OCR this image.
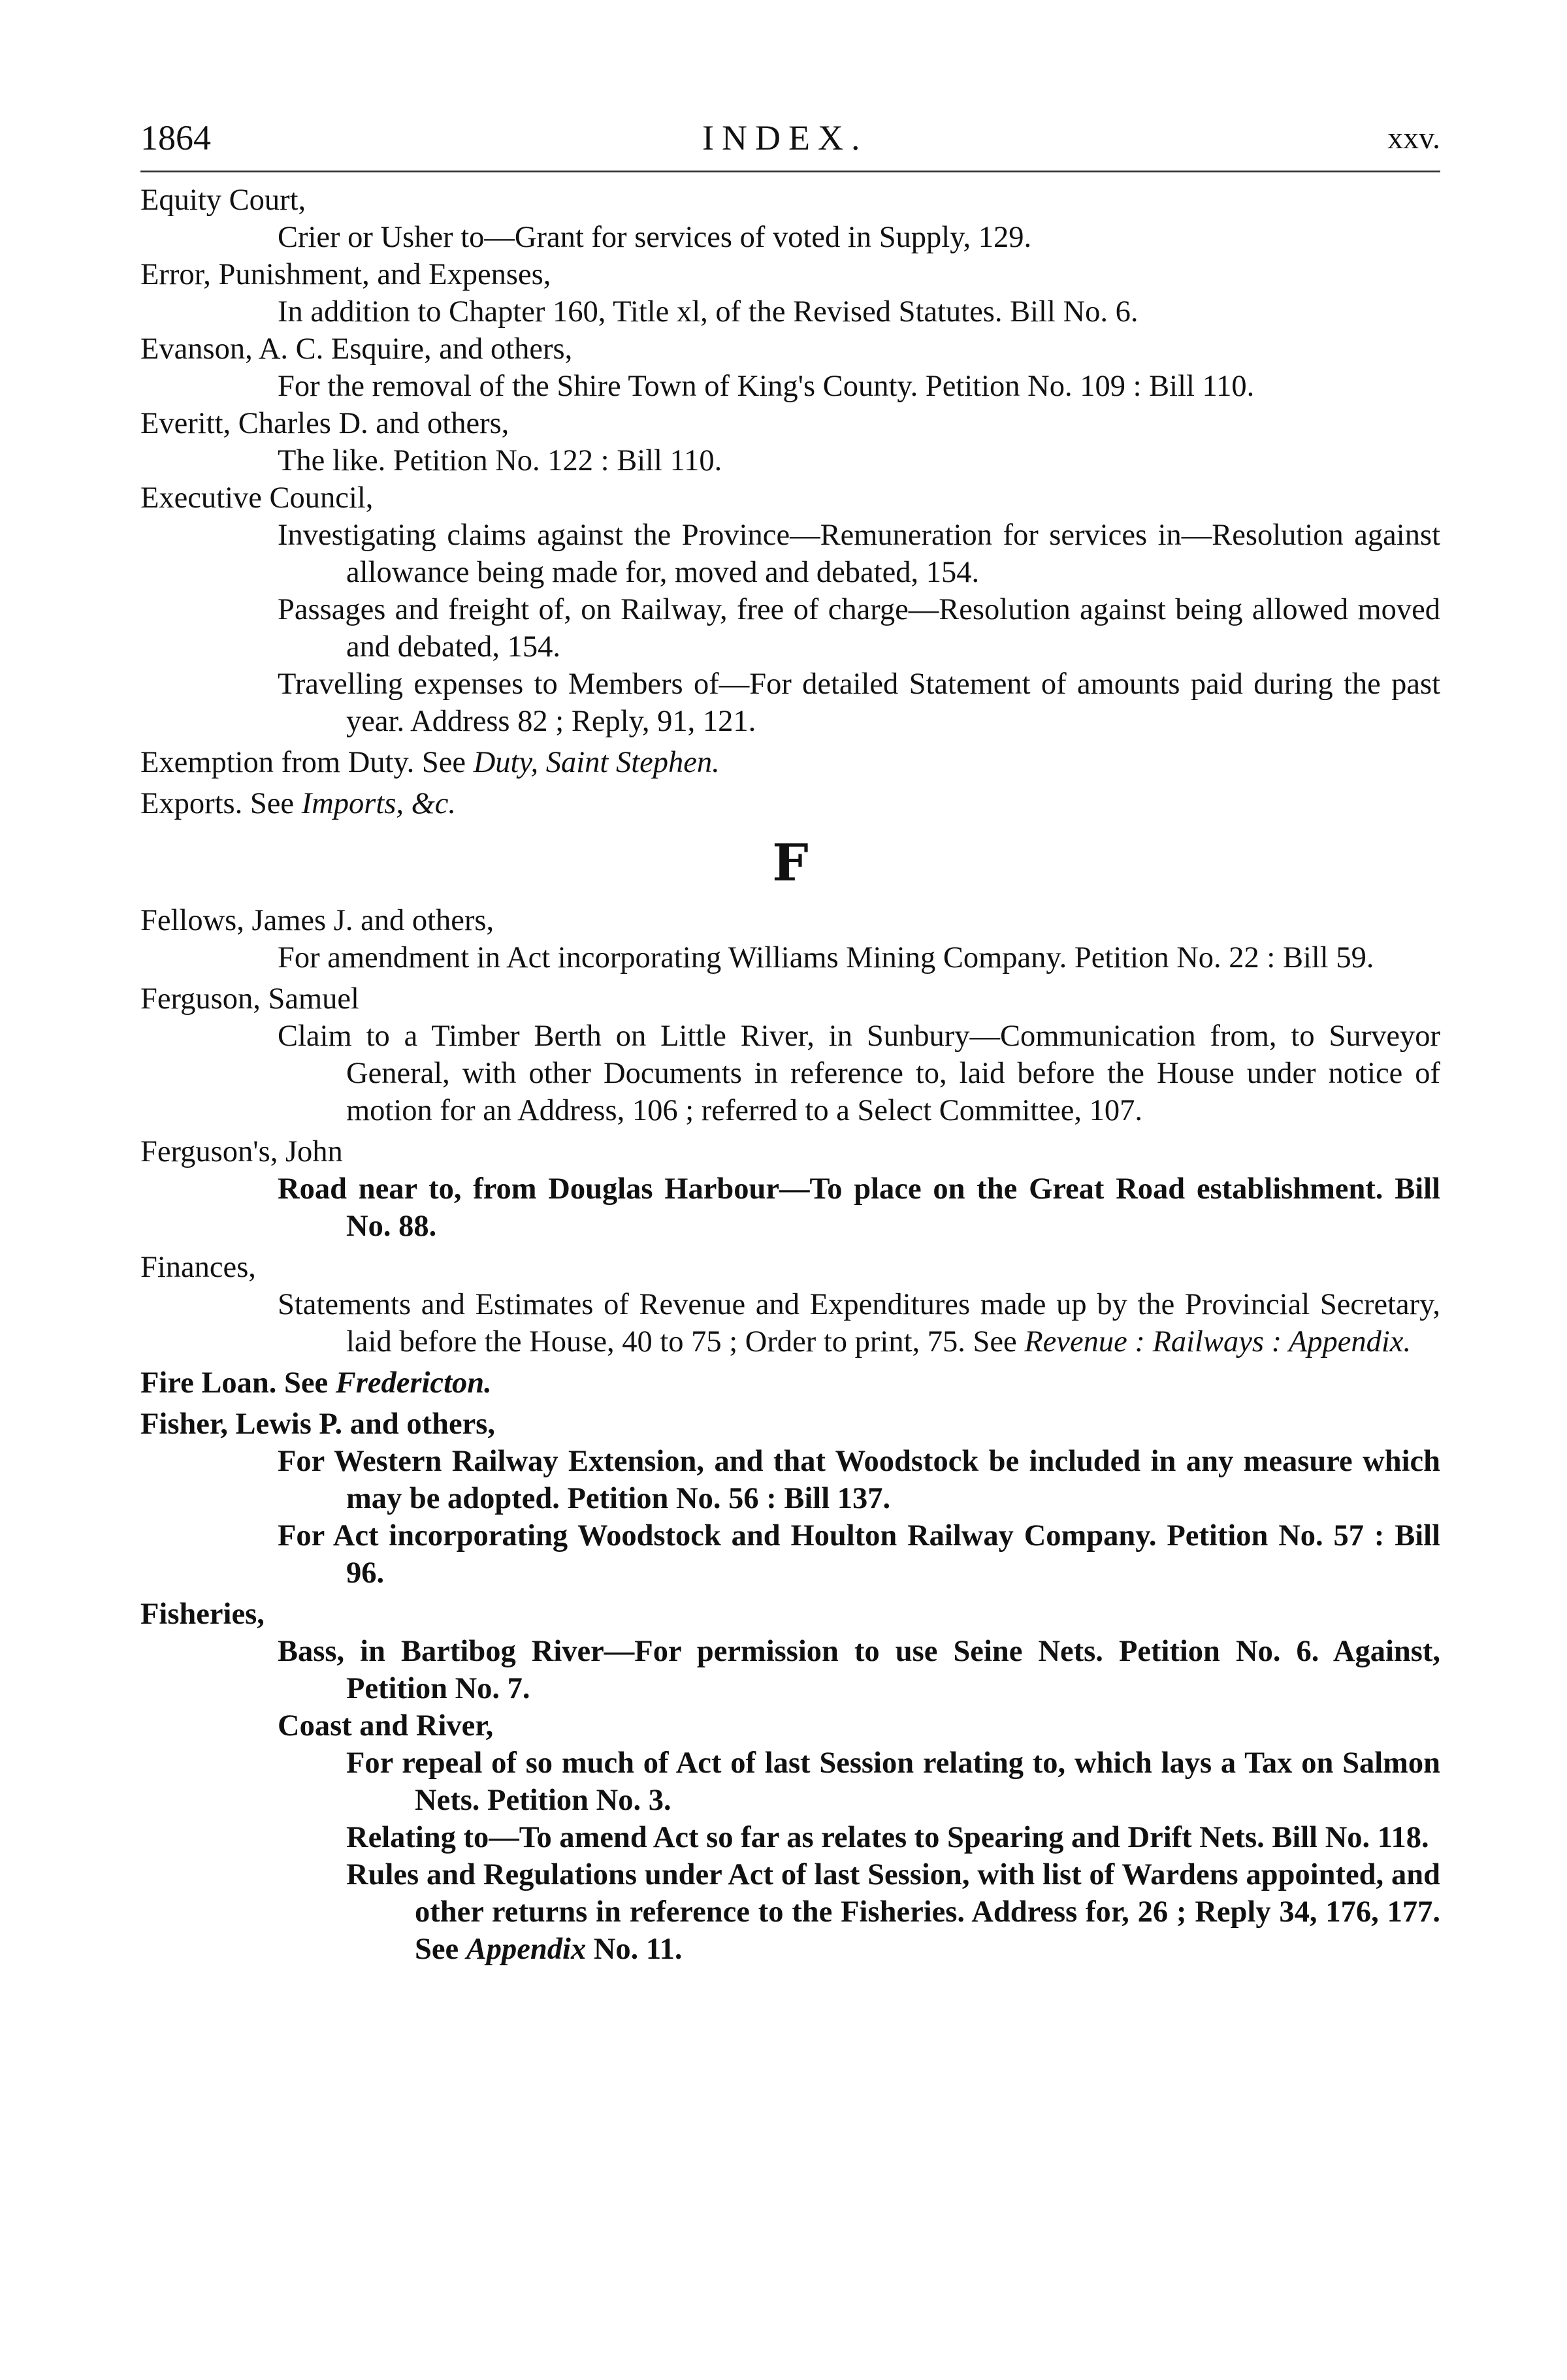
1864	INDEX.	xxv.
Equity Court,
Crier or Usher to—Grant for services of voted in Supply, 129.
Error, Punishment, and Expenses,
In addition to Chapter 160, Title xl, of the Revised Statutes. Bill No. 6.
Evanson, A. C. Esquire, and others,
For the removal of the Shire Town of King's County. Petition No. 109 : Bill 110.
Everitt, Charles D. and others,
The like. Petition No. 122 : Bill 110.
Executive Council,
Investigating claims against the Province—Remuneration for services in—Resolution against allowance being made for, moved and debated, 154.
Passages and freight of, on Railway, free of charge—Resolution against being allowed moved and debated, 154.
Travelling expenses to Members of—For detailed Statement of amounts paid during the past year. Address 82 ; Reply, 91, 121.
Exemption from Duty. See Duty, Saint Stephen.
Exports. See Imports, &c.
F
Fellows, James J. and others,
For amendment in Act incorporating Williams Mining Company. Petition No. 22 : Bill 59.
Ferguson, Samuel
Claim to a Timber Berth on Little River, in Sunbury—Communication from, to Surveyor General, with other Documents in reference to, laid before the House under notice of motion for an Address, 106 ; referred to a Select Committee, 107.
Ferguson's, John
Road near to, from Douglas Harbour—To place on the Great Road establishment. Bill No. 88.
Finances,
Statements and Estimates of Revenue and Expenditures made up by the Provincial Secretary, laid before the House, 40 to 75 ; Order to print, 75. See Revenue : Railways : Appendix.
Fire Loan. See Fredericton.
Fisher, Lewis P. and others,
For Western Railway Extension, and that Woodstock be included in any measure which may be adopted. Petition No. 56 : Bill 137.
For Act incorporating Woodstock and Houlton Railway Company. Petition No. 57 : Bill 96.
Fisheries,
Bass, in Bartibog River—For permission to use Seine Nets. Petition No. 6. Against, Petition No. 7.
Coast and River,
For repeal of so much of Act of last Session relating to, which lays a Tax on Salmon Nets. Petition No. 3.
Relating to—To amend Act so far as relates to Spearing and Drift Nets. Bill No. 118.
Rules and Regulations under Act of last Session, with list of Wardens appointed, and other returns in reference to the Fisheries. Address for, 26 ; Reply 34, 176, 177. See Appendix No. 11.
